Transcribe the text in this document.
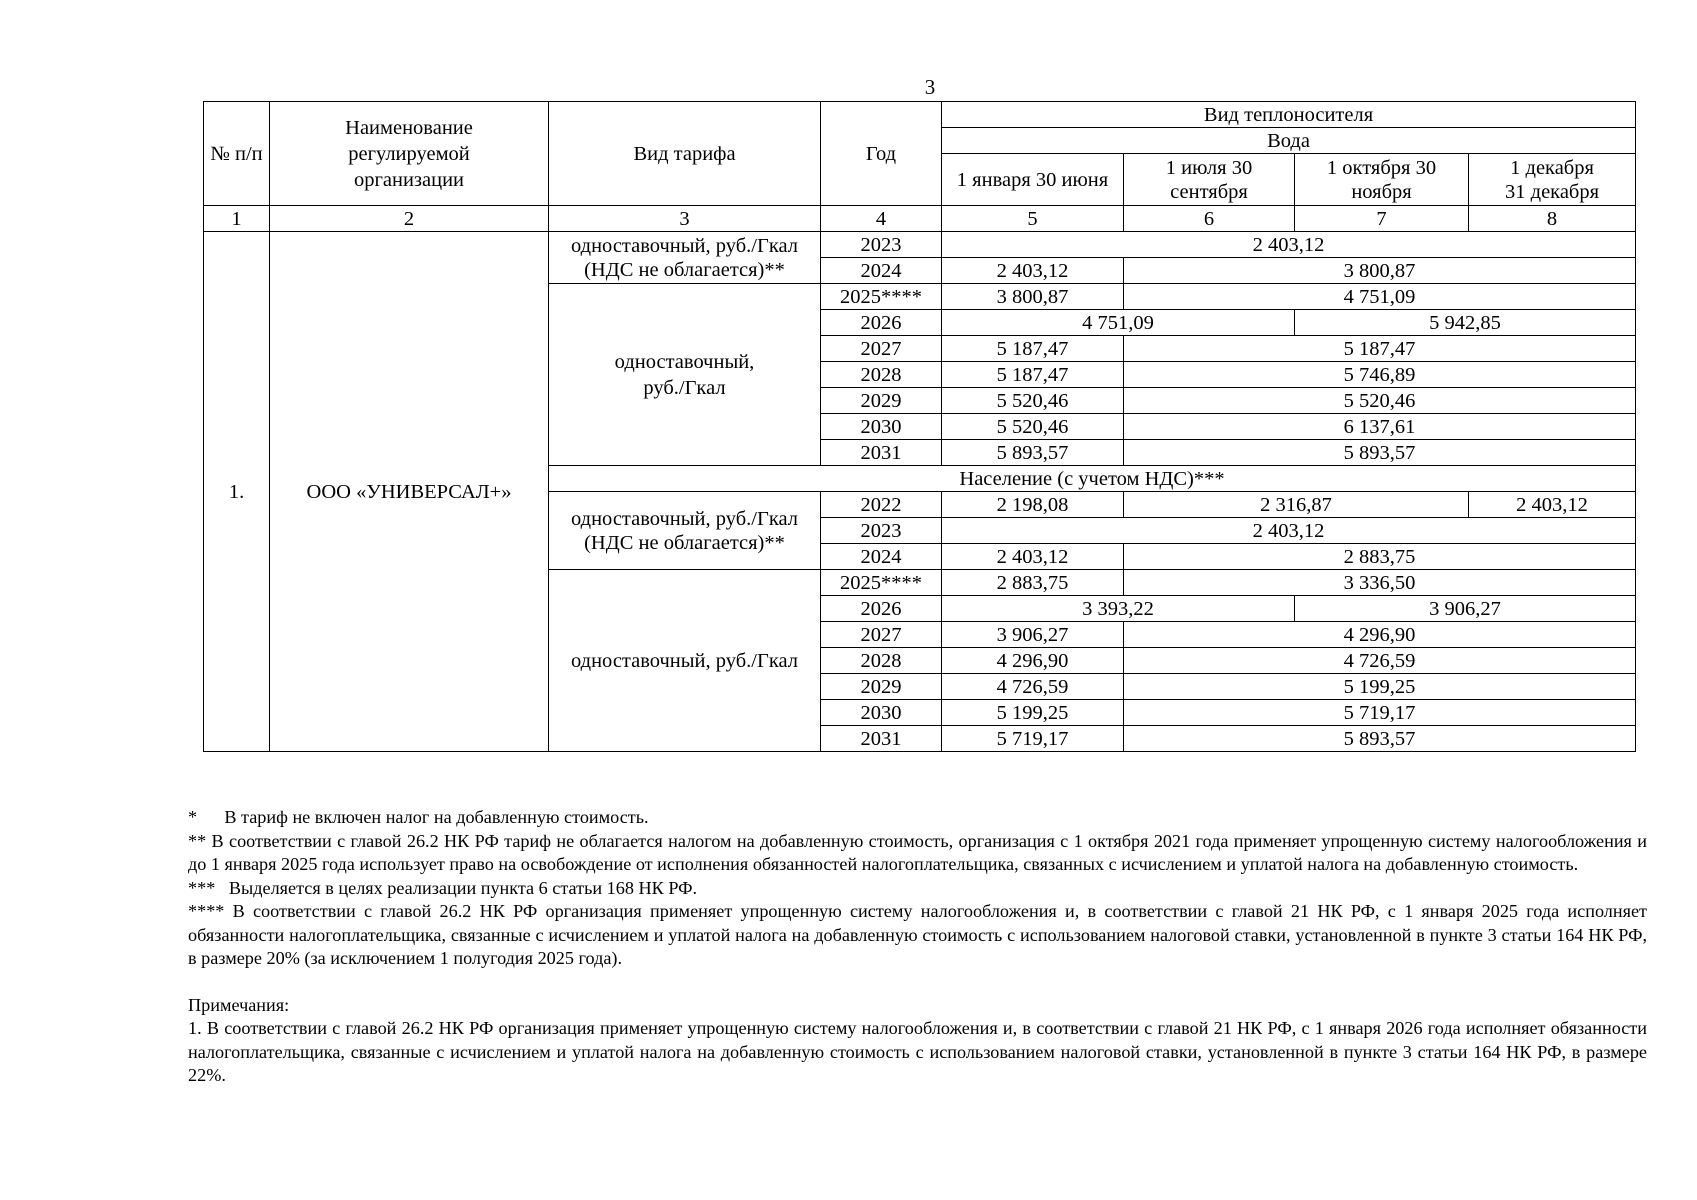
3
№ п/п	Наименование регулируемой организации	Вид тарифа	Год	Вид теплоносителя			
				Вода			
				1 января 30 июня	1 июля 30 сентября	1 октября 30 ноября	1 декабря 31 декабря
1	2	3	4	5	6	7	8
1.	ООО «УНИВЕРСАЛ+»	одноставочный, руб./Гкал (НДС не облагается)**	2023	2 403,12			
			2024	2 403,12	3 800,87		
		одноставочный, руб./Гкал	2025****	3 800,87	4 751,09		
			2026	4 751,09		5 942,85	
			2027	5 187,47	5 187,47		
			2028	5 187,47	5 746,89		
			2029	5 520,46	5 520,46		
			2030	5 520,46	6 137,61		
			2031	5 893,57	5 893,57		
		Население (с учетом НДС)***					
		одноставочный, руб./Гкал (НДС не облагается)**	2022	2 198,08	2 316,87		2 403,12
			2023	2 403,12			
			2024	2 403,12	2 883,75		
		одноставочный, руб./Гкал	2025****	2 883,75	3 336,50		
			2026	3 393,22		3 906,27	
			2027	3 906,27	4 296,90		
			2028	4 296,90	4 726,59		
			2029	4 726,59	5 199,25		
			2030	5 199,25	5 719,17		
			2031	5 719,17	5 893,57		

*      В тариф не включен налог на добавленную стоимость.

** В соответствии с главой 26.2 НК РФ тариф не облагается налогом на добавленную стоимость, организация с 1 октября 2021 года применяет упрощенную систему налогообложения и до 1 января 2025 года использует право на освобождение от исполнения обязанностей налогоплательщика, связанных с исчислением и уплатой налога на добавленную стоимость.

***   Выделяется в целях реализации пункта 6 статьи 168 НК РФ.

**** В соответствии с главой 26.2 НК РФ организация применяет упрощенную систему налогообложения и, в соответствии с главой 21 НК РФ, с 1 января 2025 года исполняет обязанности налогоплательщика, связанные с исчислением и уплатой налога на добавленную стоимость с использованием налоговой ставки, установленной в пункте 3 статьи 164 НК РФ, в размере 20% (за исключением 1 полугодия 2025 года).

Примечания:

1. В соответствии с главой 26.2 НК РФ организация применяет упрощенную систему налогообложения и, в соответствии с главой 21 НК РФ, с 1 января 2026 года исполняет обязанности налогоплательщика, связанные с исчислением и уплатой налога на добавленную стоимость с использованием налоговой ставки, установленной в пункте 3 статьи 164 НК РФ, в размере 22%.
